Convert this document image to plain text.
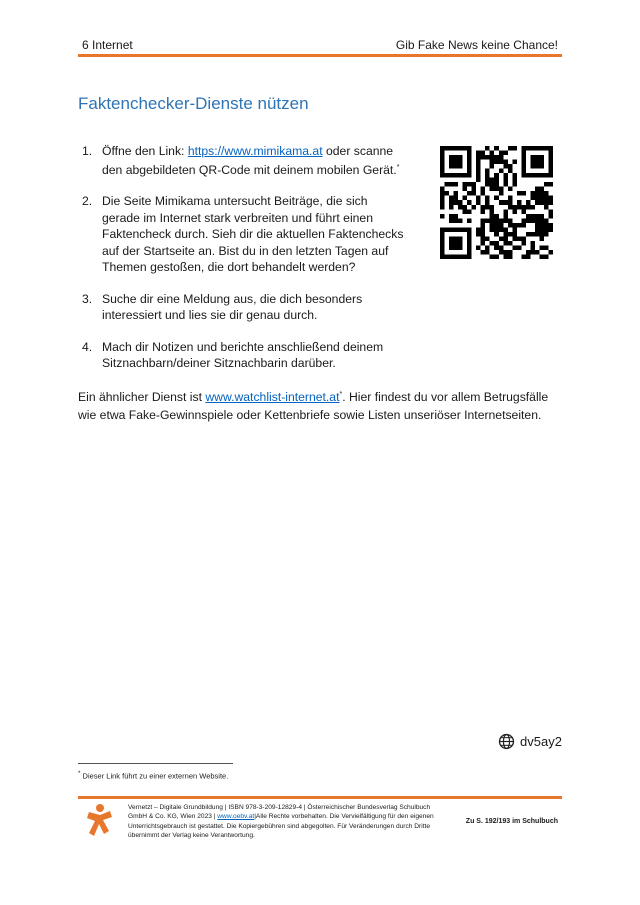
6 Internet	Gib Fake News keine Chance!
Faktenchecker-Dienste nützen
1. Öffne den Link: https://www.mimikama.at oder scanne den abgebildeten QR-Code mit deinem mobilen Gerät.*
2. Die Seite Mimikama untersucht Beiträge, die sich gerade im Internet stark verbreiten und führt einen Faktencheck durch. Sieh dir die aktuellen Faktenchecks auf der Startseite an. Bist du in den letzten Tagen auf Themen gestoßen, die dort behandelt werden?
3. Suche dir eine Meldung aus, die dich besonders interessiert und lies sie dir genau durch.
4. Mach dir Notizen und berichte anschließend deinem Sitznachbarn/deiner Sitznachbarin darüber.
Ein ähnlicher Dienst ist www.watchlist-internet.at*. Hier findest du vor allem Betrugsfälle wie etwa Fake-Gewinnspiele oder Kettenbriefe sowie Listen unseriöser Internetseiten.
dv5ay2
* Dieser Link führt zu einer externen Website.
Vernetzt – Digitale Grundbildung | ISBN 978-3-209-12829-4 | Österreichischer Bundesverlag Schulbuch GmbH & Co. KG, Wien 2023 | www.oebv.at|Alle Rechte vorbehalten. Die Vervielfältigung für den eigenen Unterrichtsgebrauch ist gestattet. Die Kopiergebühren sind abgegolten. Für Veränderungen durch Dritte übernimmt der Verlag keine Verantwortung.
Zu S. 192/193 im Schulbuch
